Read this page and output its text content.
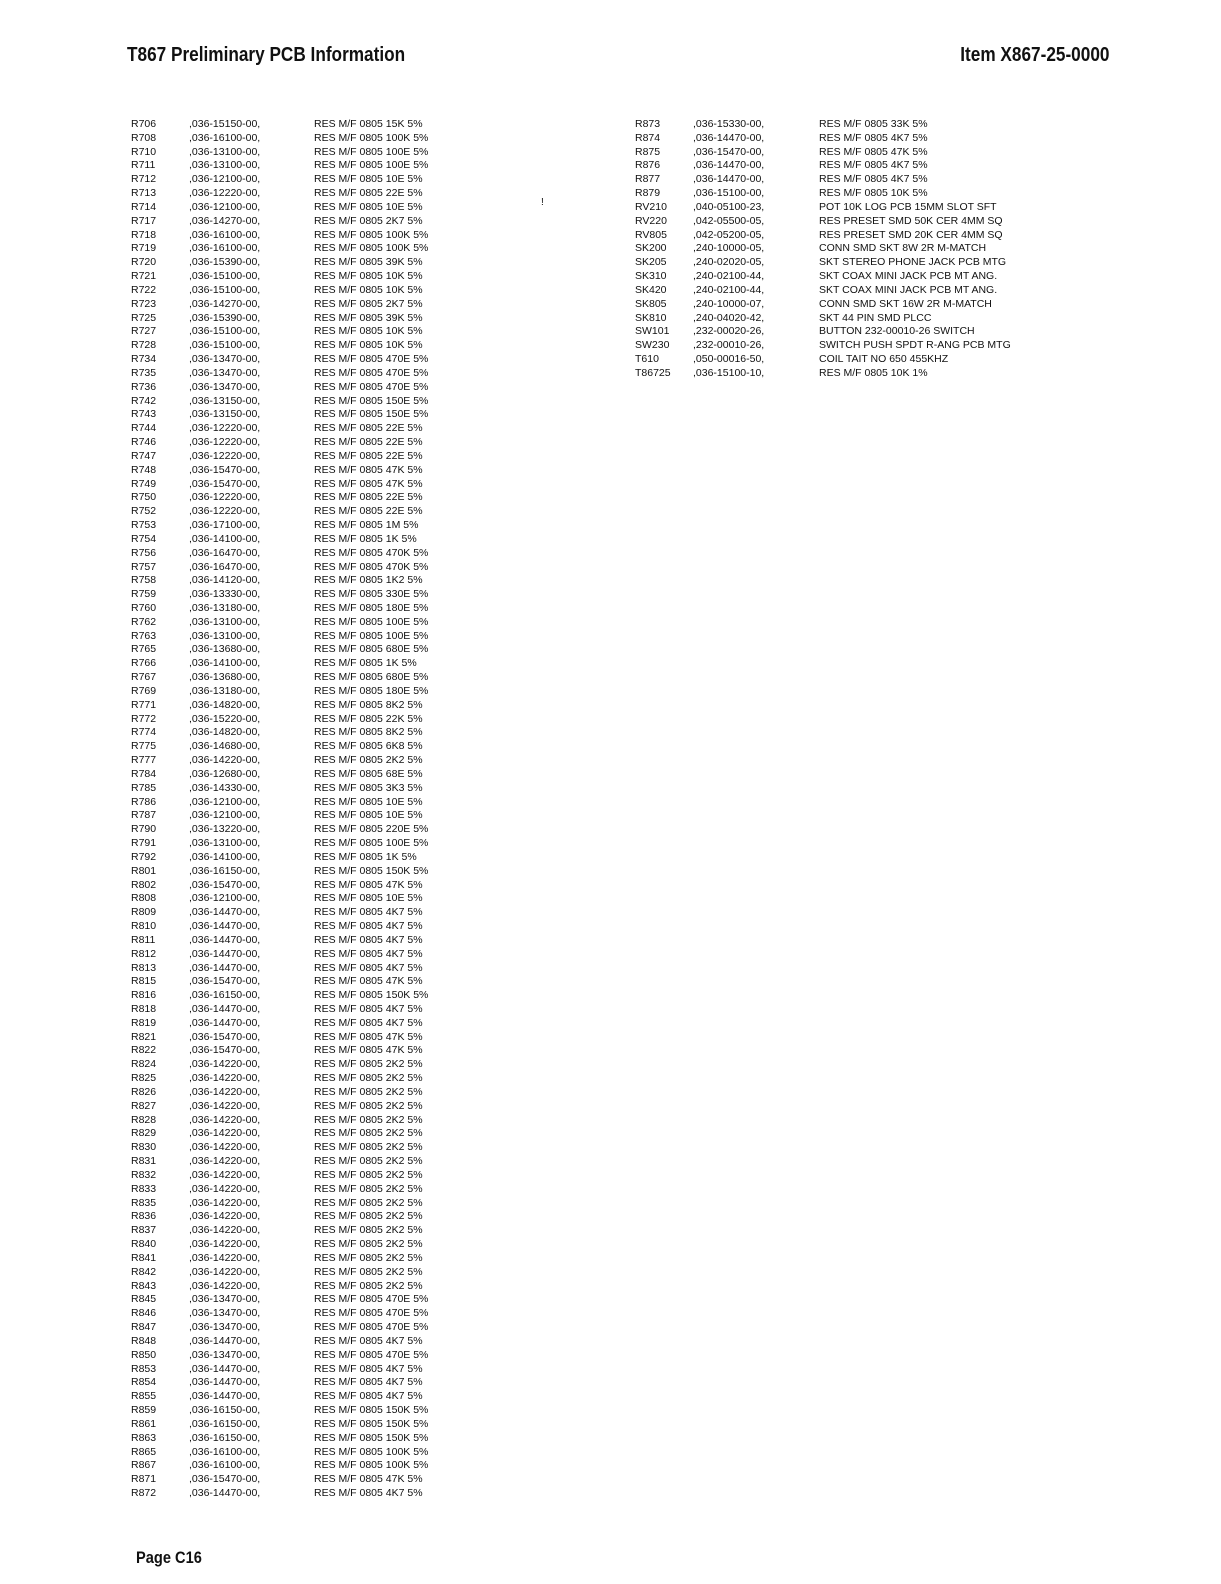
T867 Preliminary PCB Information	Item X867-25-0000
R706	,036-15150-00,	RES M/F 0805 15K 5%
R708	,036-16100-00,	RES M/F 0805 100K 5%
R710	,036-13100-00,	RES M/F 0805 100E 5%
R711	,036-13100-00,	RES M/F 0805 100E 5%
R712	,036-12100-00,	RES M/F 0805 10E 5%
R713	,036-12220-00,	RES M/F 0805 22E 5%
R714	,036-12100-00,	RES M/F 0805 10E 5%
R717	,036-14270-00,	RES M/F 0805 2K7 5%
R718	,036-16100-00,	RES M/F 0805 100K 5%
R719	,036-16100-00,	RES M/F 0805 100K 5%
R720	,036-15390-00,	RES M/F 0805 39K 5%
R721	,036-15100-00,	RES M/F 0805 10K 5%
R722	,036-15100-00,	RES M/F 0805 10K 5%
R723	,036-14270-00,	RES M/F 0805 2K7 5%
R725	,036-15390-00,	RES M/F 0805 39K 5%
R727	,036-15100-00,	RES M/F 0805 10K 5%
R728	,036-15100-00,	RES M/F 0805 10K 5%
R734	,036-13470-00,	RES M/F 0805 470E 5%
R735	,036-13470-00,	RES M/F 0805 470E 5%
R736	,036-13470-00,	RES M/F 0805 470E 5%
R742	,036-13150-00,	RES M/F 0805 150E 5%
R743	,036-13150-00,	RES M/F 0805 150E 5%
R744	,036-12220-00,	RES M/F 0805 22E 5%
R746	,036-12220-00,	RES M/F 0805 22E 5%
R747	,036-12220-00,	RES M/F 0805 22E 5%
R748	,036-15470-00,	RES M/F 0805 47K 5%
R749	,036-15470-00,	RES M/F 0805 47K 5%
R750	,036-12220-00,	RES M/F 0805 22E 5%
R752	,036-12220-00,	RES M/F 0805 22E 5%
R753	,036-17100-00,	RES M/F 0805 1M 5%
R754	,036-14100-00,	RES M/F 0805 1K 5%
R756	,036-16470-00,	RES M/F 0805 470K 5%
R757	,036-16470-00,	RES M/F 0805 470K 5%
R758	,036-14120-00,	RES M/F 0805 1K2 5%
R759	,036-13330-00,	RES M/F 0805 330E 5%
R760	,036-13180-00,	RES M/F 0805 180E 5%
R762	,036-13100-00,	RES M/F 0805 100E 5%
R763	,036-13100-00,	RES M/F 0805 100E 5%
R765	,036-13680-00,	RES M/F 0805 680E 5%
R766	,036-14100-00,	RES M/F 0805 1K 5%
R767	,036-13680-00,	RES M/F 0805 680E 5%
R769	,036-13180-00,	RES M/F 0805 180E 5%
R771	,036-14820-00,	RES M/F 0805 8K2 5%
R772	,036-15220-00,	RES M/F 0805 22K 5%
R774	,036-14820-00,	RES M/F 0805 8K2 5%
R775	,036-14680-00,	RES M/F 0805 6K8 5%
R777	,036-14220-00,	RES M/F 0805 2K2 5%
R784	,036-12680-00,	RES M/F 0805 68E 5%
R785	,036-14330-00,	RES M/F 0805 3K3 5%
R786	,036-12100-00,	RES M/F 0805 10E 5%
R787	,036-12100-00,	RES M/F 0805 10E 5%
R790	,036-13220-00,	RES M/F 0805 220E 5%
R791	,036-13100-00,	RES M/F 0805 100E 5%
R792	,036-14100-00,	RES M/F 0805 1K 5%
R801	,036-16150-00,	RES M/F 0805 150K 5%
R802	,036-15470-00,	RES M/F 0805 47K 5%
R808	,036-12100-00,	RES M/F 0805 10E 5%
R809	,036-14470-00,	RES M/F 0805 4K7 5%
R810	,036-14470-00,	RES M/F 0805 4K7 5%
R811	,036-14470-00,	RES M/F 0805 4K7 5%
R812	,036-14470-00,	RES M/F 0805 4K7 5%
R813	,036-14470-00,	RES M/F 0805 4K7 5%
R815	,036-15470-00,	RES M/F 0805 47K 5%
R816	,036-16150-00,	RES M/F 0805 150K 5%
R818	,036-14470-00,	RES M/F 0805 4K7 5%
R819	,036-14470-00,	RES M/F 0805 4K7 5%
R821	,036-15470-00,	RES M/F 0805 47K 5%
R822	,036-15470-00,	RES M/F 0805 47K 5%
R824	,036-14220-00,	RES M/F 0805 2K2 5%
R825	,036-14220-00,	RES M/F 0805 2K2 5%
R826	,036-14220-00,	RES M/F 0805 2K2 5%
R827	,036-14220-00,	RES M/F 0805 2K2 5%
R828	,036-14220-00,	RES M/F 0805 2K2 5%
R829	,036-14220-00,	RES M/F 0805 2K2 5%
R830	,036-14220-00,	RES M/F 0805 2K2 5%
R831	,036-14220-00,	RES M/F 0805 2K2 5%
R832	,036-14220-00,	RES M/F 0805 2K2 5%
R833	,036-14220-00,	RES M/F 0805 2K2 5%
R835	,036-14220-00,	RES M/F 0805 2K2 5%
R836	,036-14220-00,	RES M/F 0805 2K2 5%
R837	,036-14220-00,	RES M/F 0805 2K2 5%
R840	,036-14220-00,	RES M/F 0805 2K2 5%
R841	,036-14220-00,	RES M/F 0805 2K2 5%
R842	,036-14220-00,	RES M/F 0805 2K2 5%
R843	,036-14220-00,	RES M/F 0805 2K2 5%
R845	,036-13470-00,	RES M/F 0805 470E 5%
R846	,036-13470-00,	RES M/F 0805 470E 5%
R847	,036-13470-00,	RES M/F 0805 470E 5%
R848	,036-14470-00,	RES M/F 0805 4K7 5%
R850	,036-13470-00,	RES M/F 0805 470E 5%
R853	,036-14470-00,	RES M/F 0805 4K7 5%
R854	,036-14470-00,	RES M/F 0805 4K7 5%
R855	,036-14470-00,	RES M/F 0805 4K7 5%
R859	,036-16150-00,	RES M/F 0805 150K 5%
R861	,036-16150-00,	RES M/F 0805 150K 5%
R863	,036-16150-00,	RES M/F 0805 150K 5%
R865	,036-16100-00,	RES M/F 0805 100K 5%
R867	,036-16100-00,	RES M/F 0805 100K 5%
R871	,036-15470-00,	RES M/F 0805 47K 5%
R872	,036-14470-00,	RES M/F 0805 4K7 5%
R873	,036-15330-00,	RES M/F 0805 33K 5%
R874	,036-14470-00,	RES M/F 0805 4K7 5%
R875	,036-15470-00,	RES M/F 0805 47K 5%
R876	,036-14470-00,	RES M/F 0805 4K7 5%
R877	,036-14470-00,	RES M/F 0805 4K7 5%
R879	,036-15100-00,	RES M/F 0805 10K 5%
RV210 ,040-05100-23,	POT 10K LOG PCB 15MM SLOT SFT
RV220 ,042-05500-05,	RES PRESET SMD 50K CER 4MM SQ
RV805 ,042-05200-05,	RES PRESET SMD 20K CER 4MM SQ
SK200	,240-10000-05,	CONN SMD SKT 8W 2R M-MATCH
SK205	,240-02020-05,	SKT STEREO PHONE JACK PCB MTG
SK310	,240-02100-44,	SKT COAX MINI JACK PCB MT ANG.
SK420	,240-02100-44,	SKT COAX MINI JACK PCB MT ANG.
SK805	,240-10000-07,	CONN SMD SKT 16W 2R M-MATCH
SK810	,240-04020-42,	SKT 44 PIN SMD PLCC
SW101 ,232-00020-26,	BUTTON 232-00010-26 SWITCH
SW230 ,232-00010-26,	SWITCH PUSH SPDT R-ANG PCB MTG
T610	,050-00016-50,	COIL TAIT NO 650 455KHZ
T86725 ,036-15100-10,	RES M/F 0805 10K 1%
!
Page C16
